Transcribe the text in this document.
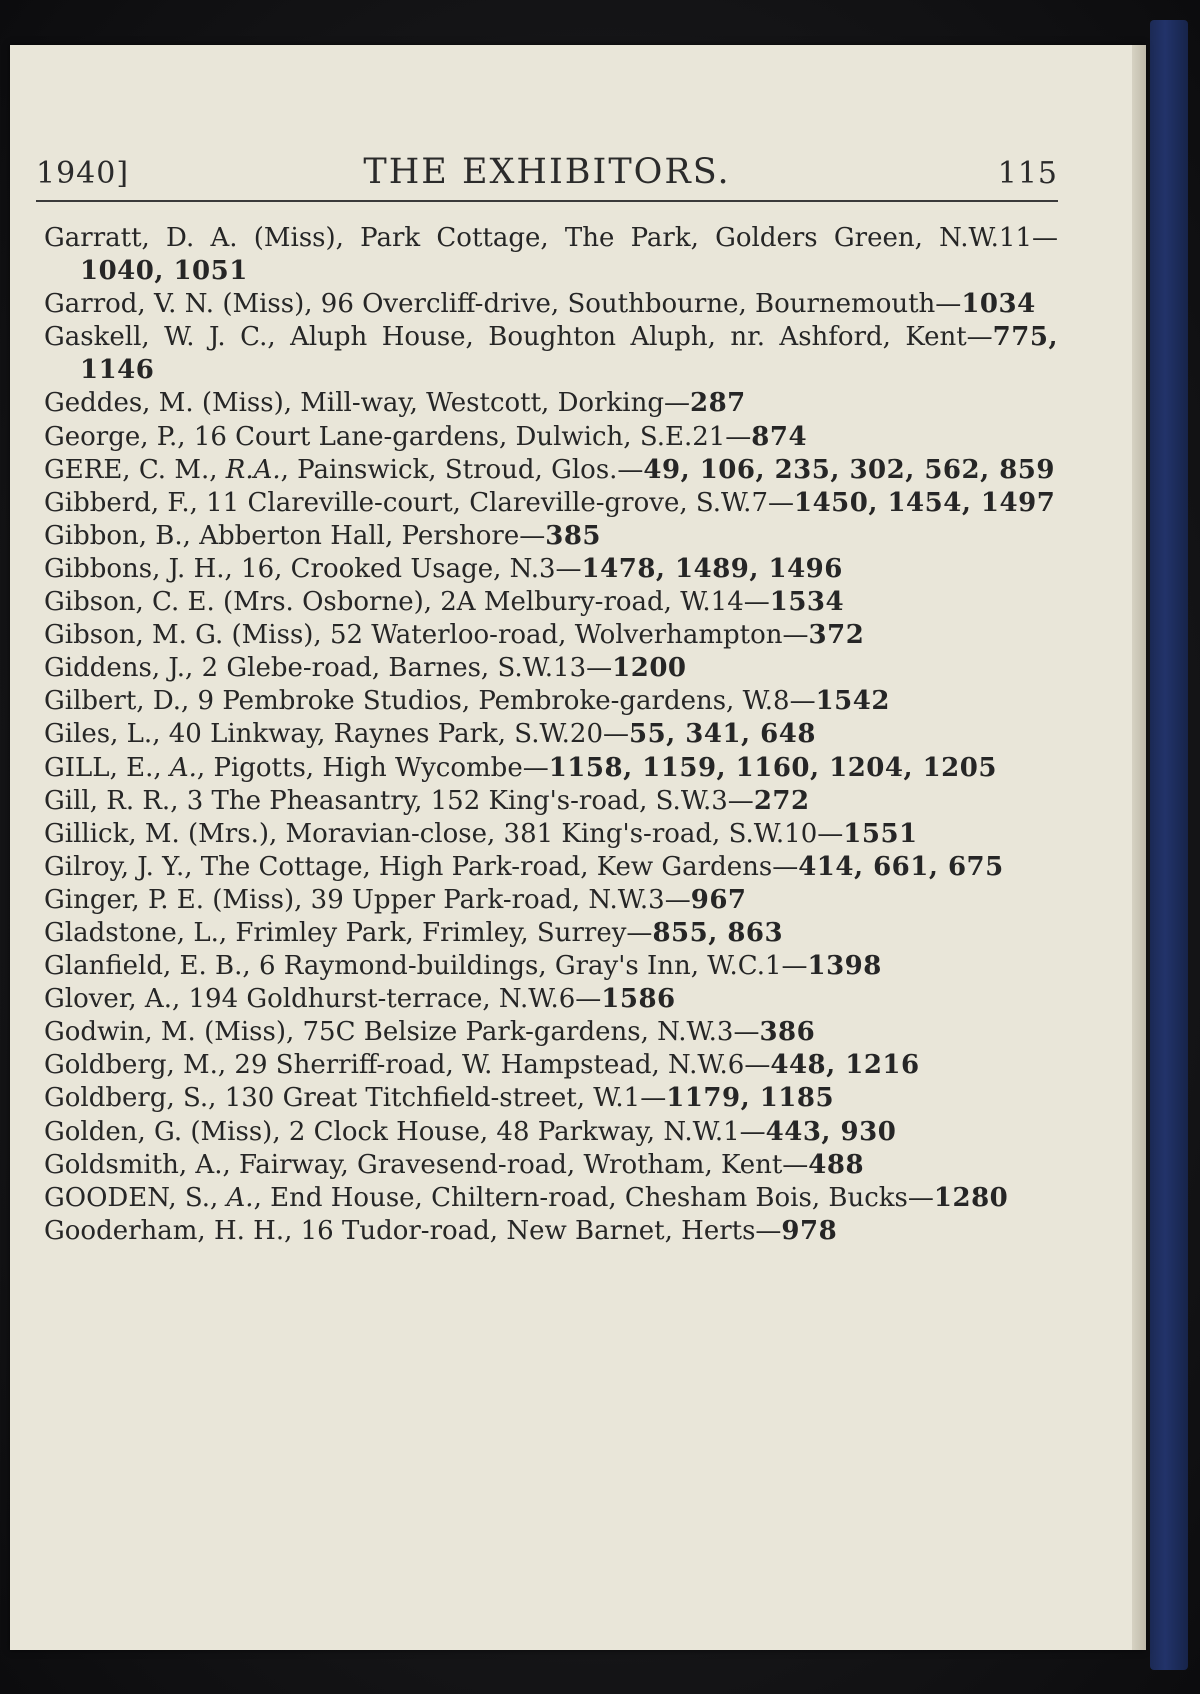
1940]	THE EXHIBITORS.	115
Garratt, D. A. (Miss), Park Cottage, The Park, Golders Green, N.W.11—1040, 1051
Garrod, V. N. (Miss), 96 Overcliff-drive, Southbourne, Bournemouth—1034
Gaskell, W. J. C., Aluph House, Boughton Aluph, nr. Ashford, Kent—775, 1146
Geddes, M. (Miss), Mill-way, Westcott, Dorking—287
George, P., 16 Court Lane-gardens, Dulwich, S.E.21—874
GERE, C. M., R.A., Painswick, Stroud, Glos.—49, 106, 235, 302, 562, 859
Gibberd, F., 11 Clareville-court, Clareville-grove, S.W.7—1450, 1454, 1497
Gibbon, B., Abberton Hall, Pershore—385
Gibbons, J. H., 16, Crooked Usage, N.3—1478, 1489, 1496
Gibson, C. E. (Mrs. Osborne), 2A Melbury-road, W.14—1534
Gibson, M. G. (Miss), 52 Waterloo-road, Wolverhampton—372
Giddens, J., 2 Glebe-road, Barnes, S.W.13—1200
Gilbert, D., 9 Pembroke Studios, Pembroke-gardens, W.8—1542
Giles, L., 40 Linkway, Raynes Park, S.W.20—55, 341, 648
GILL, E., A., Pigotts, High Wycombe—1158, 1159, 1160, 1204, 1205
Gill, R. R., 3 The Pheasantry, 152 King's-road, S.W.3—272
Gillick, M. (Mrs.), Moravian-close, 381 King's-road, S.W.10—1551
Gilroy, J. Y., The Cottage, High Park-road, Kew Gardens—414, 661, 675
Ginger, P. E. (Miss), 39 Upper Park-road, N.W.3—967
Gladstone, L., Frimley Park, Frimley, Surrey—855, 863
Glanfield, E. B., 6 Raymond-buildings, Gray's Inn, W.C.1—1398
Glover, A., 194 Goldhurst-terrace, N.W.6—1586
Godwin, M. (Miss), 75C Belsize Park-gardens, N.W.3—386
Goldberg, M., 29 Sherriff-road, W. Hampstead, N.W.6—448, 1216
Goldberg, S., 130 Great Titchfield-street, W.1—1179, 1185
Golden, G. (Miss), 2 Clock House, 48 Parkway, N.W.1—443, 930
Goldsmith, A., Fairway, Gravesend-road, Wrotham, Kent—488
GOODEN, S., A., End House, Chiltern-road, Chesham Bois, Bucks—1280
Gooderham, H. H., 16 Tudor-road, New Barnet, Herts—978
